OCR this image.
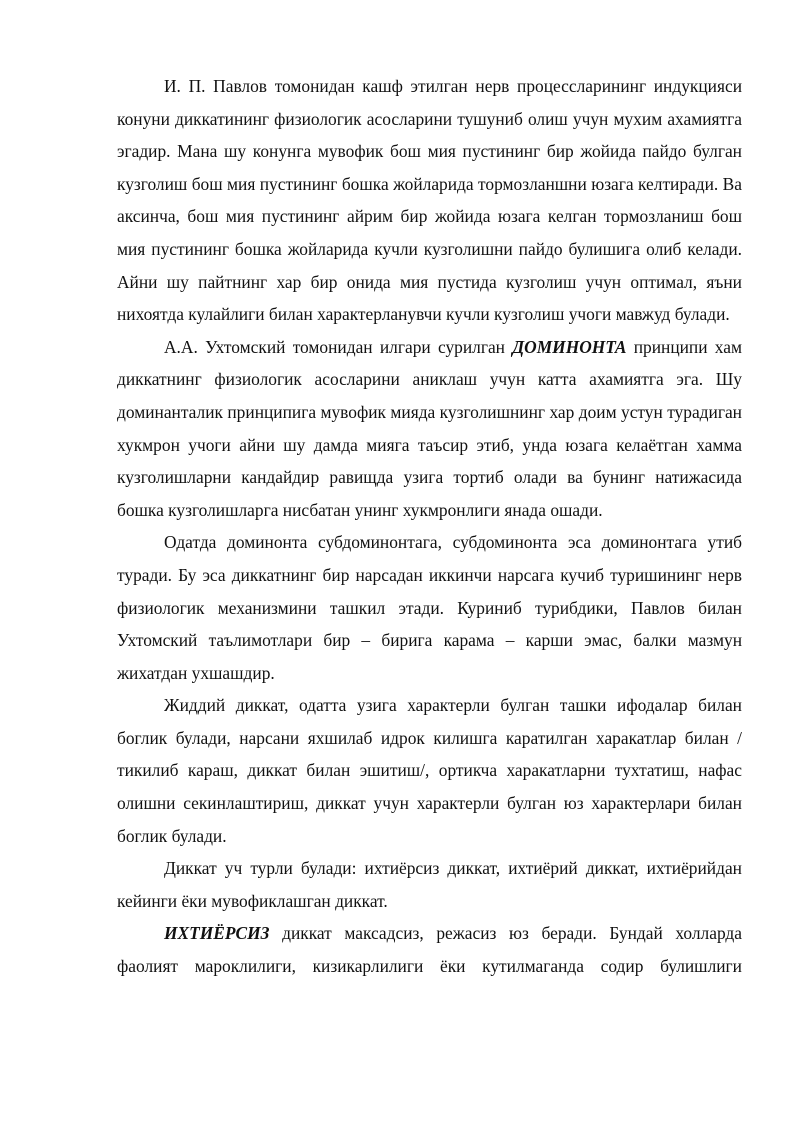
И. П. Павлов томонидан кашф этилган нерв процессларининг индукцияси конуни диккатининг физиологик асосларини тушуниб олиш учун мухим ахамиятга эгадир. Мана шу конунга мувофик бош мия пустининг бир жойида пайдо булган кузголиш бош мия пустининг бошка жойларида тормозланшни юзага келтиради. Ва аксинча, бош мия пустининг айрим бир жойида юзага келган тормозланиш бош мия пустининг бошка жойларида кучли кузголишни пайдо булишига олиб келади. Айни шу пайтнинг хар бир онида мия пустида кузголиш учун оптимал, яъни нихоятда кулайлиги билан характерланувчи кучли кузголиш учоги мавжуд булади.

А.А. Ухтомский томонидан илгари сурилган ДОМИНОНТА принципи хам диккатнинг физиологик асосларини аниклаш учун катта ахамиятга эга. Шу доминанталик принципига мувофик мияда кузголишнинг хар доим устун турадиган хукмрон учоги айни шу дамда мияга таъсир этиб, унда юзага келаётган хамма кузголишларни кандайдир равищда узига тортиб олади ва бунинг натижасида бошка кузголишларга нисбатан унинг хукмронлиги янада ошади.

Одатда доминонта субдоминонтага, субдоминонта эса доминонтага утиб туради. Бу эса диккатнинг бир нарсадан иккинчи нарсага кучиб туришининг нерв физиологик механизмини ташкил этади. Куриниб турибдики, Павлов билан Ухтомский таълимотлари бир – бирига карама – карши эмас, балки мазмун жихатдан ухшашдир.

Жиддий диккат, одатта узига характерли булган ташки ифодалар билан боглик булади, нарсани яхшилаб идрок килишга каратилган харакатлар билан /тикилиб караш, диккат билан эшитиш/, ортикча харакатларни тухтатиш, нафас олишни секинлаштириш, диккат учун характерли булган юз характерлари билан боглик булади.

Диккат уч турли булади: ихтиёрсиз диккат, ихтиёрий диккат, ихтиёрийдан кейинги ёки мувофиклашган диккат.

ИХТИЁРСИЗ диккат максадсиз, режасиз юз беради. Бундай холларда фаолият мароклилиги, кизикарлилиги ёки кутилмаганда содир булишлиги
